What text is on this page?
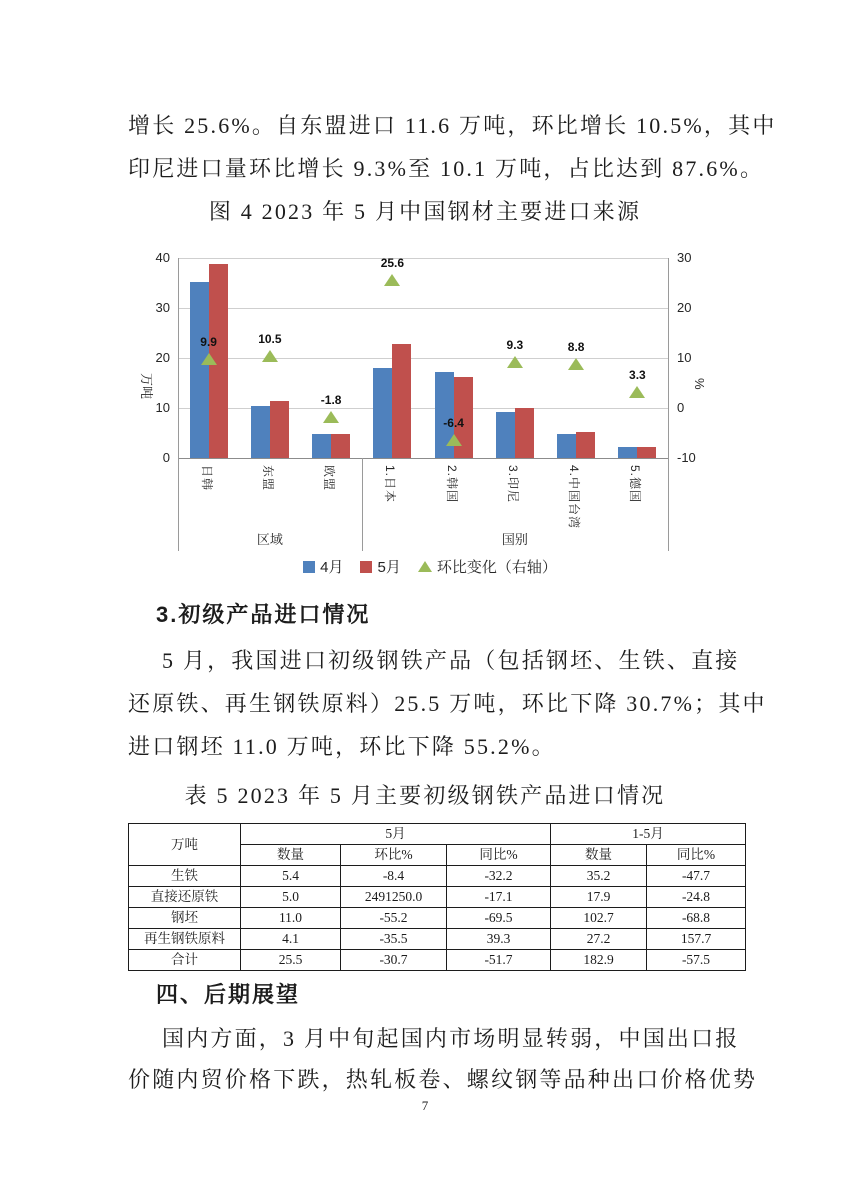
增长 25.6%。自东盟进口 11.6 万吨，环比增长 10.5%，其中
印尼进口量环比增长 9.3%至 10.1 万吨，占比达到 87.6%。
图 4 2023 年 5 月中国钢材主要进口来源
0
10
20
30
40
-10
0
10
20
30
万吨	%
9.9	10.5
-1.8
25.6
-6.4
9.3	8.8
3.3
日韩	东盟	欧盟	1.日本	2.韩国	3.印尼	4.中国台湾	5.德国
区域	国别
4月 5月 环比变化（右轴）
3.初级产品进口情况
5 月，我国进口初级钢铁产品（包括钢坯、生铁、直接
还原铁、再生钢铁原料）25.5 万吨，环比下降 30.7%；其中
进口钢坯 11.0 万吨，环比下降 55.2%。
表 5 2023 年 5 月主要初级钢铁产品进口情况
万吨	5月			1-5月	
	数量	环比%	同比%	数量	同比%
生铁	5.4	-8.4	-32.2	35.2	-47.7
直接还原铁	5.0	2491250.0	-17.1	17.9	-24.8
钢坯	11.0	-55.2	-69.5	102.7	-68.8
再生钢铁原料	4.1	-35.5	39.3	27.2	157.7
合计	25.5	-30.7	-51.7	182.9	-57.5
四、后期展望
国内方面，3 月中旬起国内市场明显转弱，中国出口报
价随内贸价格下跌，热轧板卷、螺纹钢等品种出口价格优势
7
